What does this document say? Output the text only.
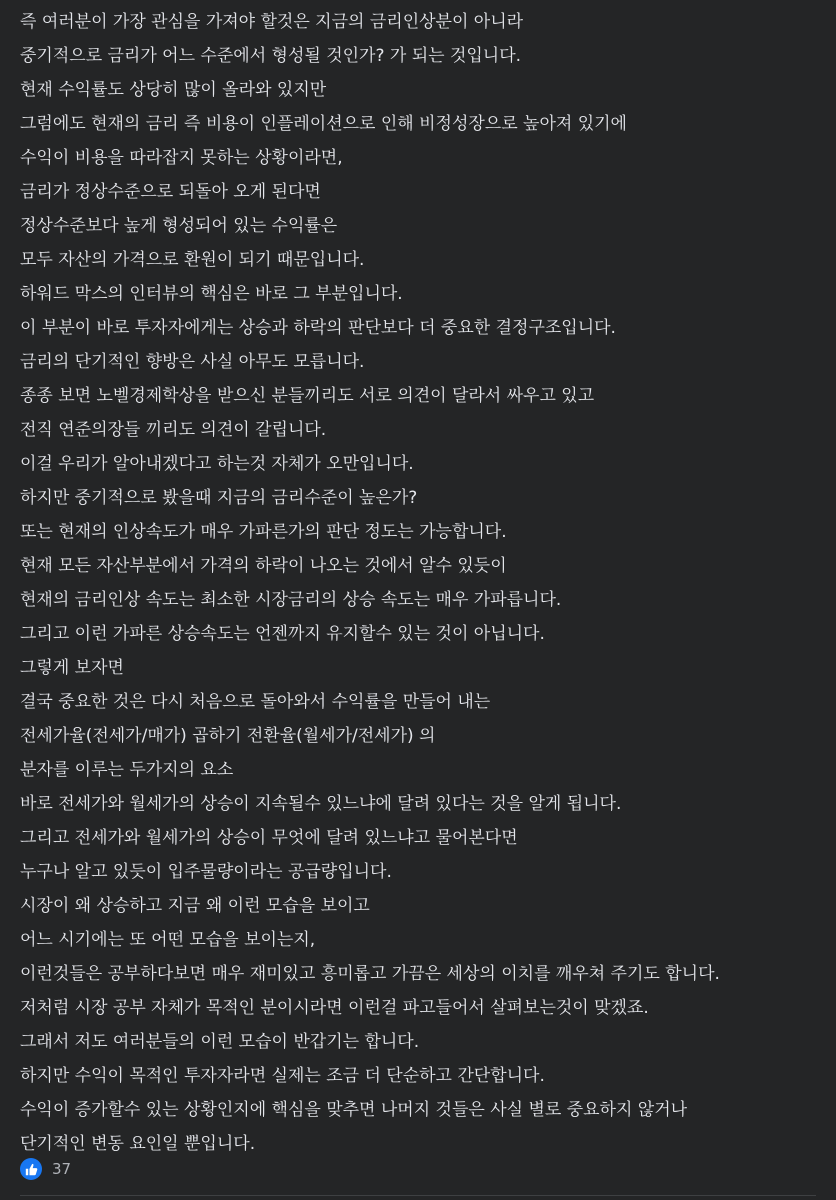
즉 여러분이 가장 관심을 가져야 할것은 지금의 금리인상분이 아니라
중기적으로 금리가 어느 수준에서 형성될 것인가? 가 되는 것입니다.
현재 수익률도 상당히 많이 올라와 있지만
그럼에도 현재의 금리 즉 비용이 인플레이션으로 인해 비정성장으로 높아져 있기에
수익이 비용을 따라잡지 못하는 상황이라면,
금리가 정상수준으로 되돌아 오게 된다면
정상수준보다 높게 형성되어 있는 수익률은
모두 자산의 가격으로 환원이 되기 때문입니다.
하워드 막스의 인터뷰의 핵심은 바로 그 부분입니다.
이 부분이 바로 투자자에게는 상승과 하락의 판단보다 더 중요한 결정구조입니다.
금리의 단기적인 향방은 사실 아무도 모릅니다.
종종 보면 노벨경제학상을 받으신 분들끼리도 서로 의견이 달라서 싸우고 있고
전직 연준의장들 끼리도 의견이 갈립니다.
이걸 우리가 알아내겠다고 하는것 자체가 오만입니다.
하지만 중기적으로 봤을때 지금의 금리수준이 높은가?
또는 현재의 인상속도가 매우 가파른가의 판단 정도는 가능합니다.
현재 모든 자산부분에서 가격의 하락이 나오는 것에서 알수 있듯이
현재의 금리인상 속도는 최소한 시장금리의 상승 속도는 매우 가파릅니다.
그리고 이런 가파른 상승속도는 언젠까지 유지할수 있는 것이 아닙니다.
그렇게 보자면
결국 중요한 것은 다시 처음으로 돌아와서 수익률을 만들어 내는
전세가율(전세가/매가) 곱하기 전환율(월세가/전세가) 의
분자를 이루는 두가지의 요소
바로 전세가와 월세가의 상승이 지속될수 있느냐에 달려 있다는 것을 알게 됩니다.
그리고 전세가와 월세가의 상승이 무엇에 달려 있느냐고 물어본다면
누구나 알고 있듯이 입주물량이라는 공급량입니다.
시장이 왜 상승하고 지금 왜 이런 모습을 보이고
어느 시기에는 또 어떤 모습을 보이는지,
이런것들은 공부하다보면 매우 재미있고 흥미롭고 가끔은 세상의 이치를 깨우쳐 주기도 합니다.
저처럼 시장 공부 자체가 목적인 분이시라면 이런걸 파고들어서 살펴보는것이 맞겠죠.
그래서 저도 여러분들의 이런 모습이 반갑기는 합니다.
하지만 수익이 목적인 투자자라면 실제는 조금 더 단순하고 간단합니다.
수익이 증가할수 있는 상황인지에 핵심을 맞추면 나머지 것들은 사실 별로 중요하지 않거나
단기적인 변동 요인일 뿐입니다.
37
